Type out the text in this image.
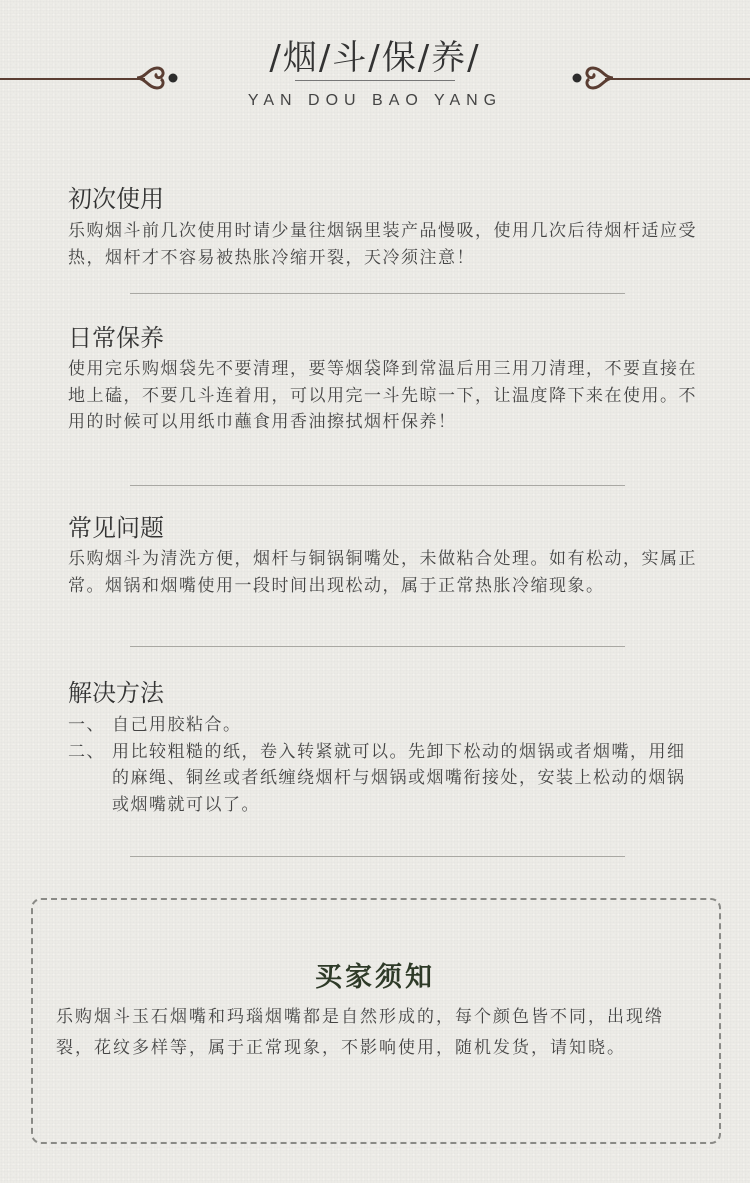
/烟/斗/保/养/
YAN DOU BAO YANG
初次使用
乐购烟斗前几次使用时请少量往烟锅里装产品慢吸，使用几次后待烟杆适应受热，烟杆才不容易被热胀冷缩开裂，天冷须注意！
日常保养
使用完乐购烟袋先不要清理，要等烟袋降到常温后用三用刀清理，不要直接在地上磕，不要几斗连着用，可以用完一斗先晾一下，让温度降下来在使用。不用的时候可以用纸巾蘸食用香油擦拭烟杆保养！
常见问题
乐购烟斗为清洗方便，烟杆与铜锅铜嘴处，未做粘合处理。如有松动，实属正常。烟锅和烟嘴使用一段时间出现松动，属于正常热胀冷缩现象。
解决方法
一、 自己用胶粘合。
二、 用比较粗糙的纸，卷入转紧就可以。先卸下松动的烟锅或者烟嘴，用细的麻绳、铜丝或者纸缠绕烟杆与烟锅或烟嘴衔接处，安装上松动的烟锅或烟嘴就可以了。
买家须知
乐购烟斗玉石烟嘴和玛瑙烟嘴都是自然形成的，每个颜色皆不同，出现绺裂，花纹多样等，属于正常现象，不影响使用，随机发货，请知晓。
